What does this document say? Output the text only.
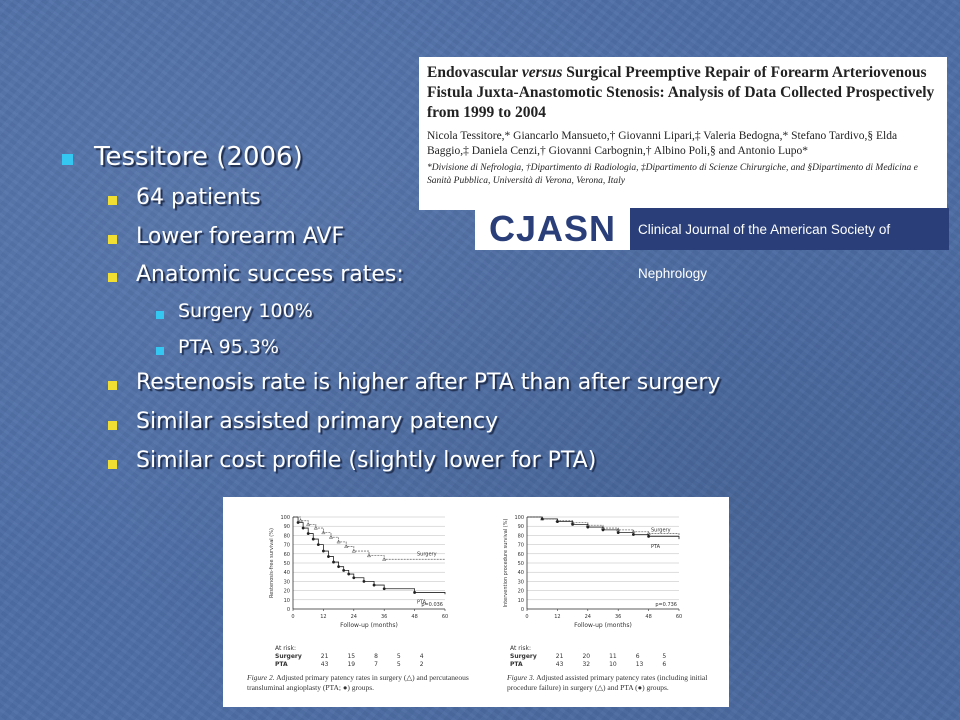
Tessitore (2006)
64 patients
Lower forearm AVF
Anatomic success rates:
Surgery 100%
PTA 95.3%
Restenosis rate is higher after PTA than after surgery
Similar assisted primary patency
Similar cost profile (slightly lower for PTA)
Endovascular versus Surgical Preemptive Repair of Forearm Arteriovenous Fistula Juxta-Anastomotic Stenosis: Analysis of Data Collected Prospectively from 1999 to 2004
Nicola Tessitore,* Giancarlo Mansueto,† Giovanni Lipari,‡ Valeria Bedogna,* Stefano Tardivo,§ Elda Baggio,‡ Daniela Cenzi,† Giovanni Carbognin,† Albino Poli,§ and Antonio Lupo*
*Divisione di Nefrologia, †Dipartimento di Radiologia, ‡Dipartimento di Scienze Chirurgiche, and §Dipartimento di Medicina e Sanità Pubblica, Università di Verona, Verona, Italy
CJASN	Clinical Journal of the American Society of Nephrology
0
10
20
30
40
50
60
70
80
90
100
0	12	24	36	48	60
Follow-up (months)
Restenosis-free survival (%)	Surgery
PTA
p=0.036
0
10
20
30
40
50
60
70
80
90
100
0	12	24	36	48	60
Follow-up (months)
Intervention procedure survival (%)	Surgery
PTA
p=0.736
At risk:					
Surgery	21	15	8	5	4
PTA	43	19	7	5	2
At risk:					
Surgery	21	20	11	6	5
PTA	43	32	10	13	6
Figure 2. Adjusted primary patency rates in surgery (△) and percutaneous transluminal angioplasty (PTA; ●) groups.
Figure 3. Adjusted assisted primary patency rates (including initial procedure failure) in surgery (△) and PTA (●) groups.
